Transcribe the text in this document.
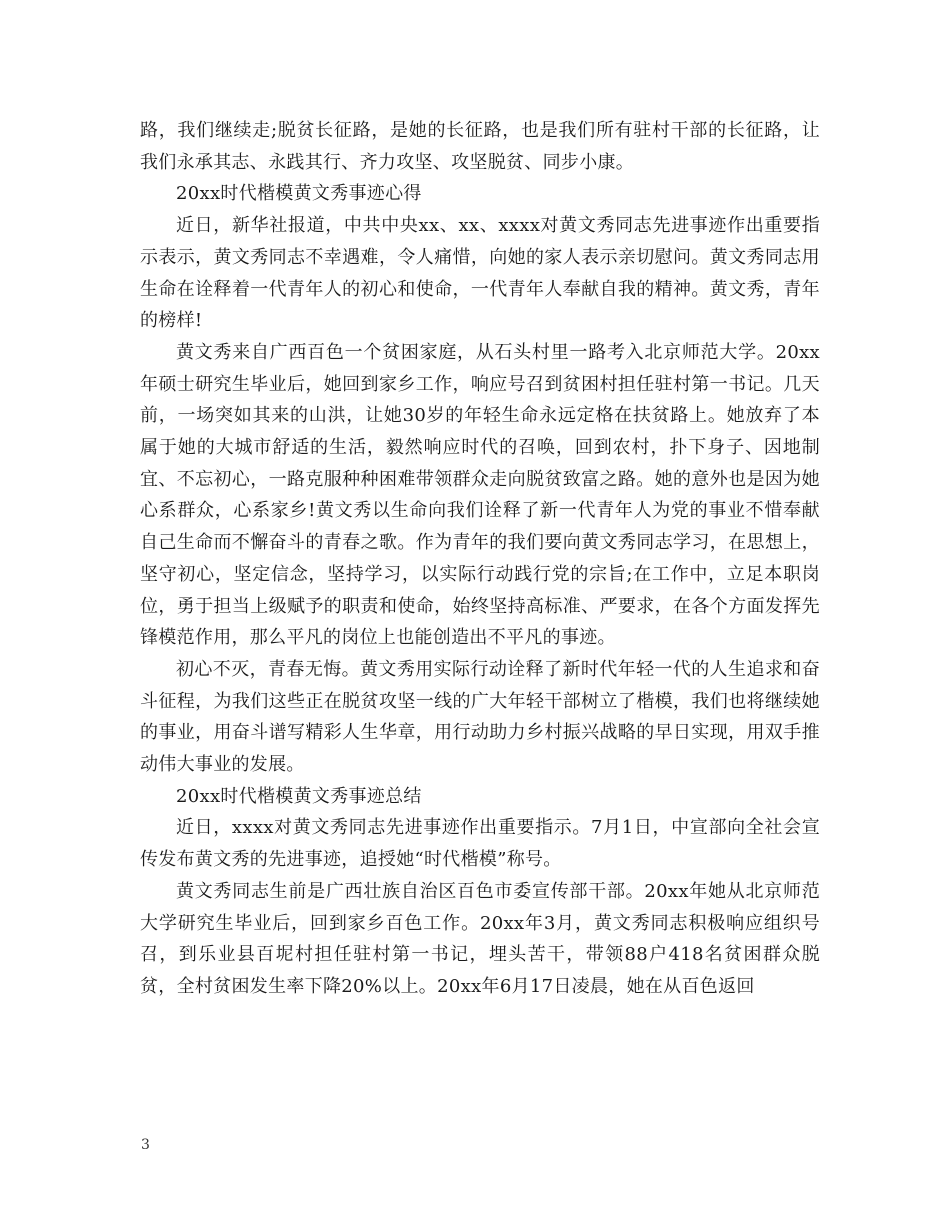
路，我们继续走;脱贫长征路，是她的长征路，也是我们所有驻村干部的长征路，让我们永承其志、永践其行、齐力攻坚、攻坚脱贫、同步小康。

20xx时代楷模黄文秀事迹心得

近日，新华社报道，中共中央xx、xx、xxxx对黄文秀同志先进事迹作出重要指示表示，黄文秀同志不幸遇难，令人痛惜，向她的家人表示亲切慰问。黄文秀同志用生命在诠释着一代青年人的初心和使命，一代青年人奉献自我的精神。黄文秀，青年的榜样!

黄文秀来自广西百色一个贫困家庭，从石头村里一路考入北京师范大学。20xx年硕士研究生毕业后，她回到家乡工作，响应号召到贫困村担任驻村第一书记。几天前，一场突如其来的山洪，让她30岁的年轻生命永远定格在扶贫路上。她放弃了本属于她的大城市舒适的生活，毅然响应时代的召唤，回到农村，扑下身子、因地制宜、不忘初心，一路克服种种困难带领群众走向脱贫致富之路。她的意外也是因为她心系群众，心系家乡!黄文秀以生命向我们诠释了新一代青年人为党的事业不惜奉献自己生命而不懈奋斗的青春之歌。作为青年的我们要向黄文秀同志学习，在思想上，坚守初心，坚定信念，坚持学习，以实际行动践行党的宗旨;在工作中，立足本职岗位，勇于担当上级赋予的职责和使命，始终坚持高标准、严要求，在各个方面发挥先锋模范作用，那么平凡的岗位上也能创造出不平凡的事迹。

初心不灭，青春无悔。黄文秀用实际行动诠释了新时代年轻一代的人生追求和奋斗征程，为我们这些正在脱贫攻坚一线的广大年轻干部树立了楷模，我们也将继续她的事业，用奋斗谱写精彩人生华章，用行动助力乡村振兴战略的早日实现，用双手推动伟大事业的发展。

20xx时代楷模黄文秀事迹总结

近日，xxxx对黄文秀同志先进事迹作出重要指示。7月1日，中宣部向全社会宣传发布黄文秀的先进事迹，追授她“时代楷模”称号。

黄文秀同志生前是广西壮族自治区百色市委宣传部干部。20xx年她从北京师范大学研究生毕业后，回到家乡百色工作。20xx年3月，黄文秀同志积极响应组织号召，到乐业县百坭村担任驻村第一书记，埋头苦干，带领88户418名贫困群众脱贫，全村贫困发生率下降20%以上。20xx年6月17日凌晨，她在从百色返回

3
